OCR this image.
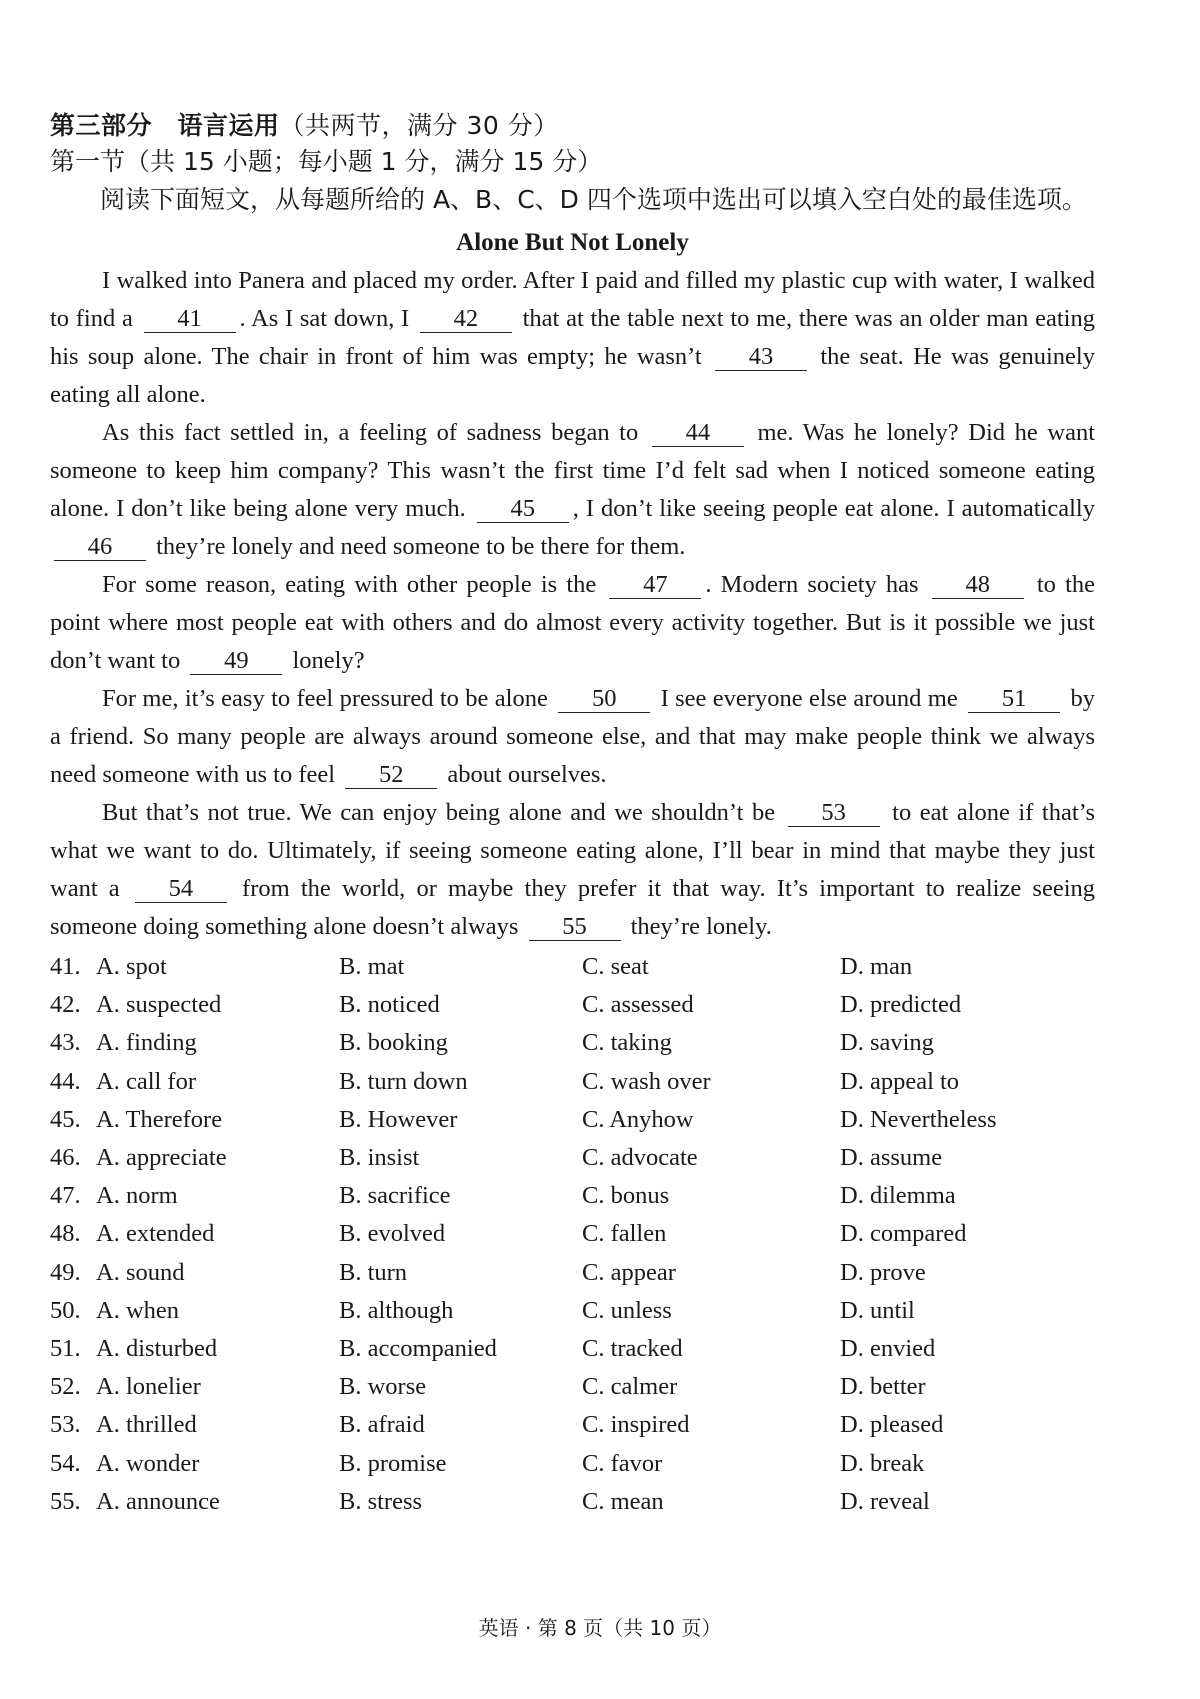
第三部分　语言运用（共两节，满分 30 分）
第一节（共 15 小题；每小题 1 分，满分 15 分）
阅读下面短文，从每题所给的 A、B、C、D 四个选项中选出可以填入空白处的最佳选项。
Alone But Not Lonely

I walked into Panera and placed my order. After I paid and filled my plastic cup with water, I walked to find a 41 . As I sat down, I 42 that at the table next to me, there was an older man eating his soup alone. The chair in front of him was empty; he wasn’t 43 the seat. He was genuinely eating all alone.

As this fact settled in, a feeling of sadness began to 44 me. Was he lonely? Did he want someone to keep him company? This wasn’t the first time I’d felt sad when I noticed someone eating alone. I don’t like being alone very much. 45 , I don’t like seeing people eat alone. I automatically 46 they’re lonely and need someone to be there for them.

For some reason, eating with other people is the 47 . Modern society has 48 to the point where most people eat with others and do almost every activity together. But is it possible we just don’t want to 49 lonely?

For me, it’s easy to feel pressured to be alone 50 I see everyone else around me 51 by a friend. So many people are always around someone else, and that may make people think we always need someone with us to feel 52 about ourselves.

But that’s not true. We can enjoy being alone and we shouldn’t be 53 to eat alone if that’s what we want to do. Ultimately, if seeing someone eating alone, I’ll bear in mind that maybe they just want a 54 from the world, or maybe they prefer it that way. It’s important to realize seeing someone doing something alone doesn’t always 55 they’re lonely.

41. A. spot	B. mat	C. seat	D. man
42. A. suspected	B. noticed	C. assessed	D. predicted
43. A. finding	B. booking	C. taking	D. saving
44. A. call for	B. turn down	C. wash over	D. appeal to
45. A. Therefore	B. However	C. Anyhow	D. Nevertheless
46. A. appreciate	B. insist	C. advocate	D. assume
47. A. norm	B. sacrifice	C. bonus	D. dilemma
48. A. extended	B. evolved	C. fallen	D. compared
49. A. sound	B. turn	C. appear	D. prove
50. A. when	B. although	C. unless	D. until
51. A. disturbed	B. accompanied	C. tracked	D. envied
52. A. lonelier	B. worse	C. calmer	D. better
53. A. thrilled	B. afraid	C. inspired	D. pleased
54. A. wonder	B. promise	C. favor	D. break
55. A. announce	B. stress	C. mean	D. reveal
英语 · 第 8 页（共 10 页）
